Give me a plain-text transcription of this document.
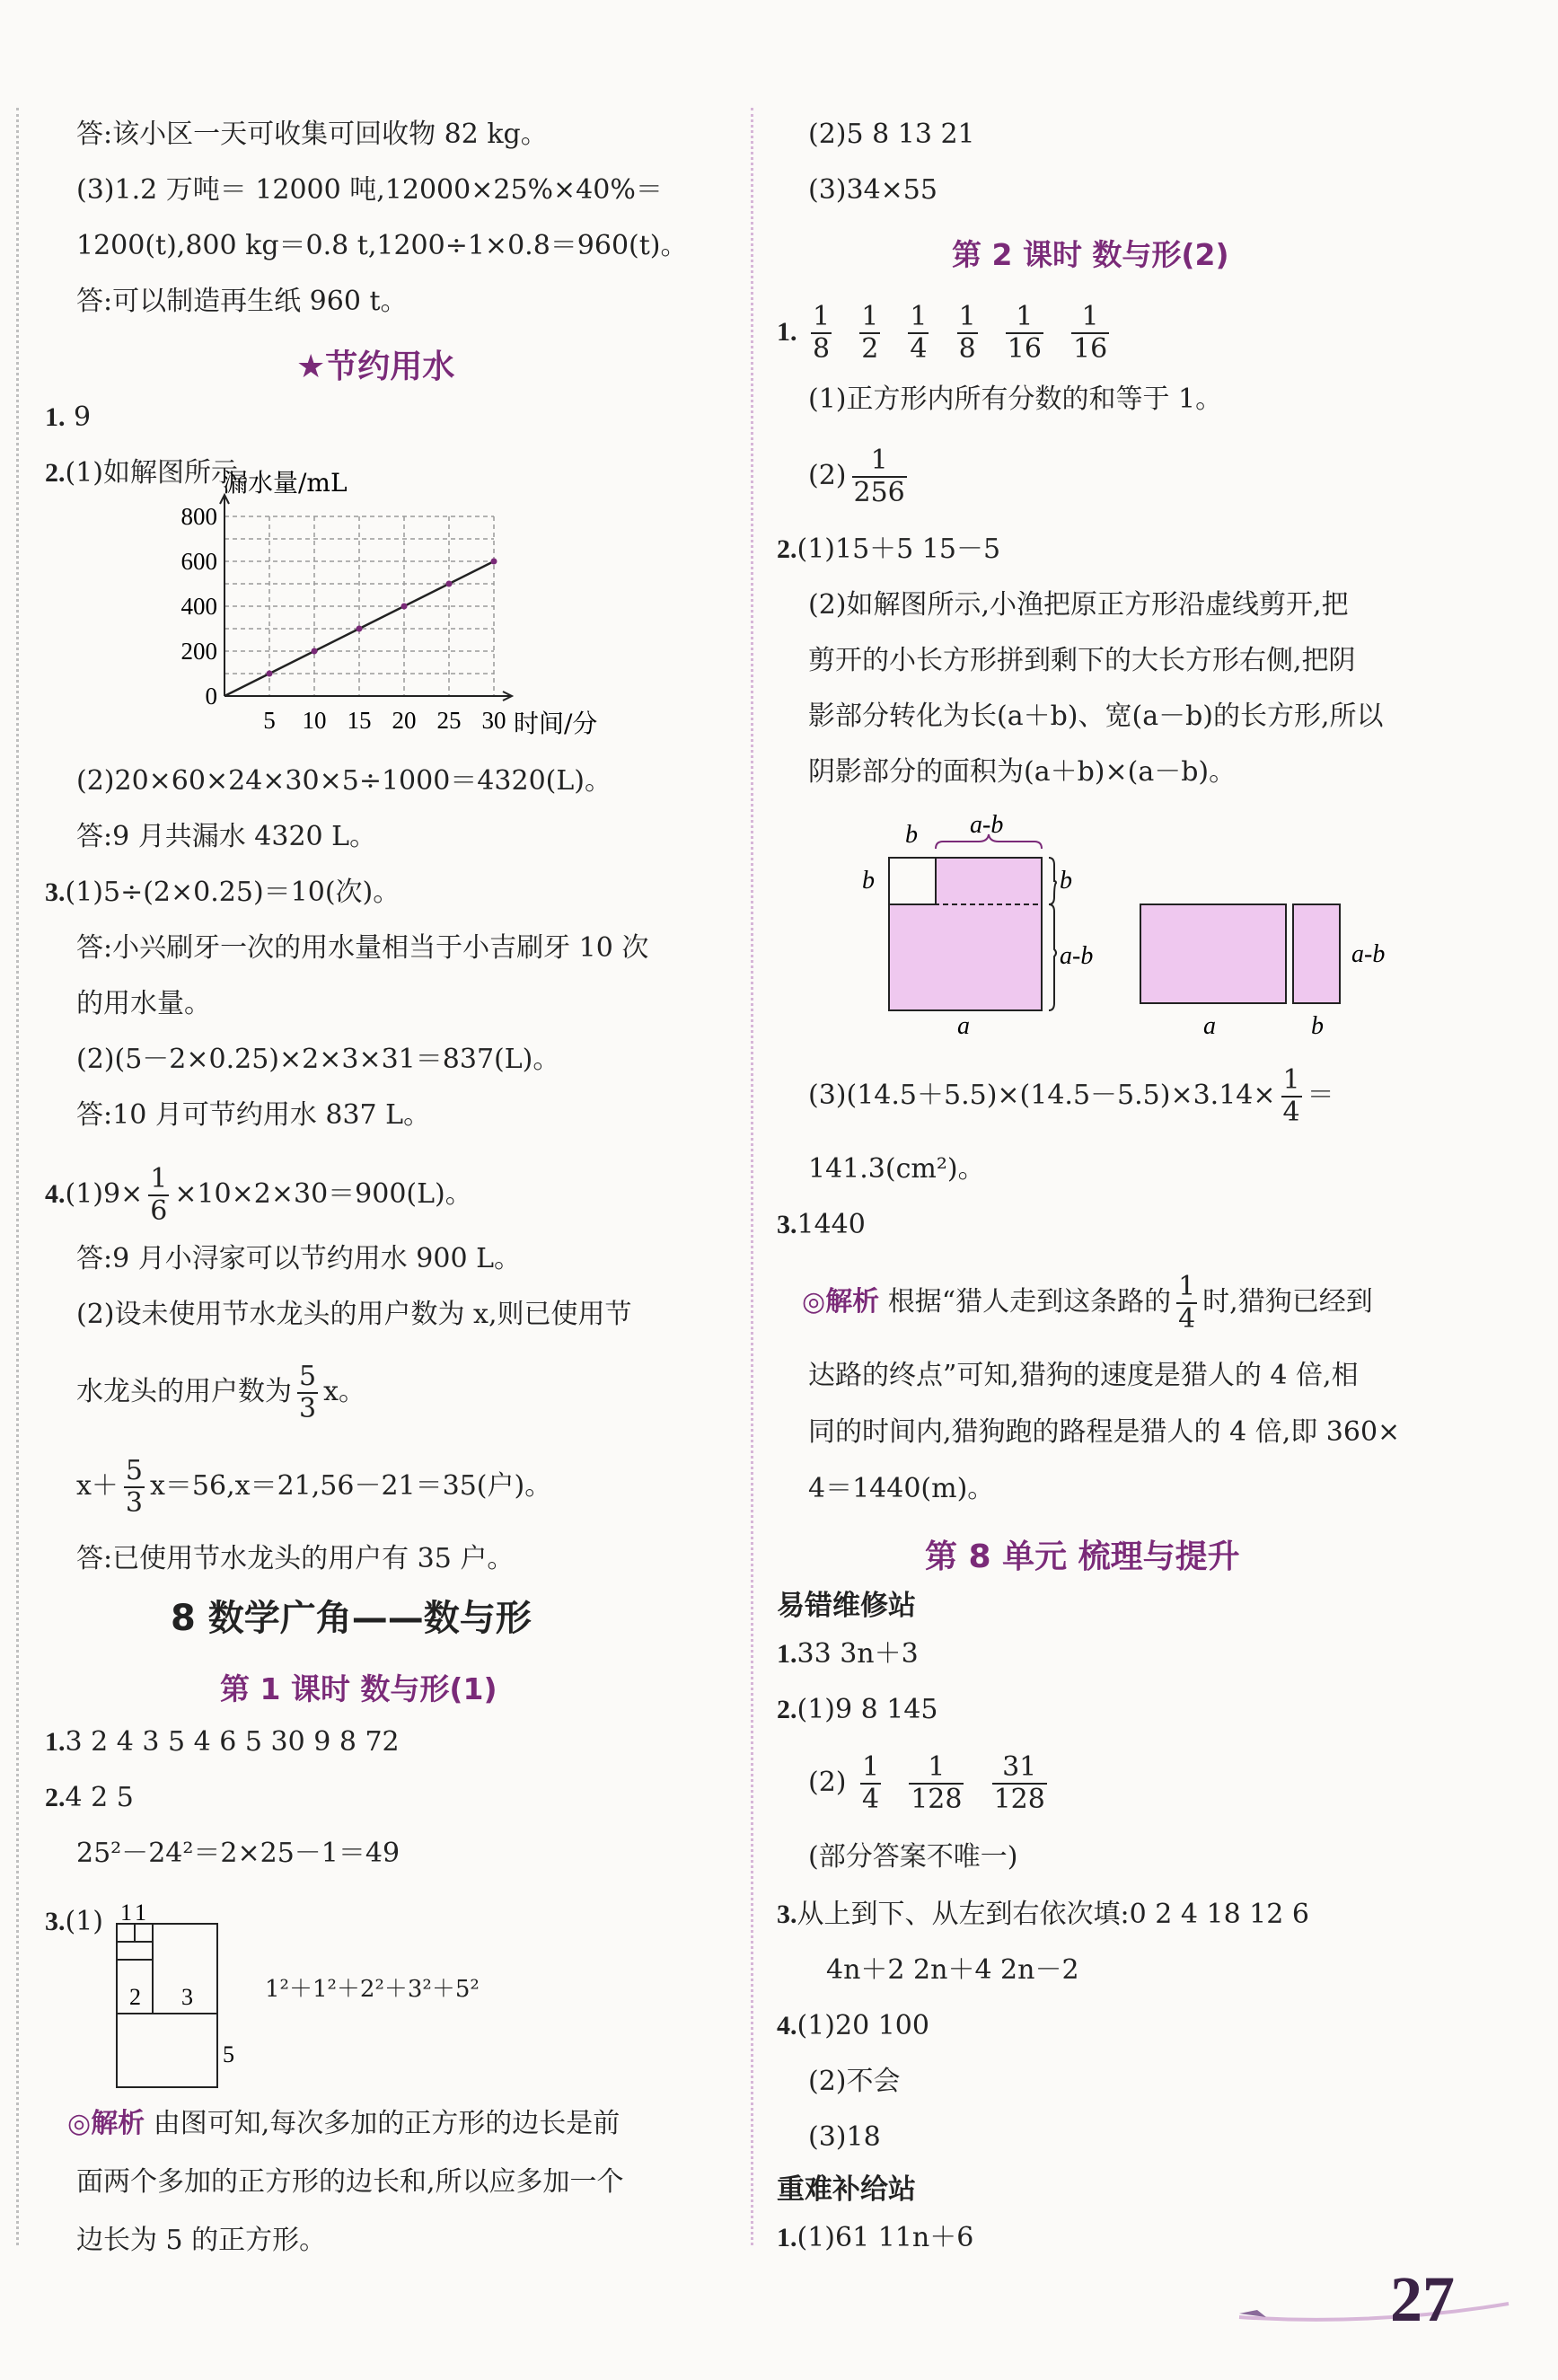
答:该小区一天可收集可回收物 82 kg。
(3)1.2 万吨＝ 12000 吨,12000×25%×40%＝
1200(t),800 kg＝0.8 t,1200÷1×0.8＝960(t)。
答:可以制造再生纸 960 t。
★节约用水
1. 9
2.(1)如解图所示。
0
200
400
600
800
5 10 15 20 25 30
漏水量/mL
时间/分
(2)20×60×24×30×5÷1000＝4320(L)。
答:9 月共漏水 4320 L。
3.(1)5÷(2×0.25)＝10(次)。
答:小兴刷牙一次的用水量相当于小吉刷牙 10 次
的用水量。
(2)(5－2×0.25)×2×3×31＝837(L)。
答:10 月可节约用水 837 L。
$4.(1)9\times \frac{1}{6} \times 10\times 2\times 30=900(L)$。
答:9 月小浔家可以节约用水 900 L。
(2)设未使用节水龙头的用户数为 x,则已使用节
水龙头的用户数为 $\frac{5}{3}$ x。
$x+ \frac{5}{3} x=56,x=21,56-21=35$(户)。
答:已使用节水龙头的用户有 35 户。
8 数学广角——数与形
第 1 课时 数与形(1)
1.3 2 4 3 5 4 6 5 30 9 8 72
2.4 2 5
25²－24²＝2×25－1＝49
3.(1) 1 1
2 3
5
1²＋1²＋2²＋3²＋5²
◎解析 由图可知,每次多加的正方形的边长是前
面两个多加的正方形的边长和,所以应多加一个
边长为 5 的正方形。
(2)5 8 13 21
(3)34×55
第 2 课时 数与形(2)
1. $\frac{1}{8}$
$\frac{1}{2}$
$\frac{1}{4}$
$\frac{1}{8}$
$\frac{1}{16}$
$\frac{1}{16}$
(1)正方形内所有分数的和等于 1。
$(2) \frac{1}{256}$
2.(1)15＋5 15－5
(2)如解图所示,小渔把原正方形沿虚线剪开,把
剪开的小长方形拼到剩下的大长方形右侧,把阴
影部分转化为长(a＋b)、宽(a－b)的长方形,所以
阴影部分的面积为(a＋b)×(a－b)。
b a-b
b	b
a-b
a
a-b
a	b
$(3)(14.5+5.5)\times(14.5-5.5)\times 3.14\times \frac{1}{4}$ ＝
141.3(cm²)。
3.1440
◎解析 根据“猎人走到这条路的 $\frac{1}{4}$ 时,猎狗已经到
达路的终点”可知,猎狗的速度是猎人的 4 倍,相
同的时间内,猎狗跑的路程是猎人的 4 倍,即 360×
4＝1440(m)。
第 8 单元 梳理与提升
易错维修站
1.33 3n＋3
2.(1)9 8 145
$(2) \frac{1}{4}$
$\frac{1}{128}$
$\frac{31}{128}$
(部分答案不唯一)
3.从上到下、从左到右依次填:0 2 4 18 12 6
4n＋2 2n＋4 2n－2
4.(1)20 100
(2)不会
(3)18
重难补给站
1.(1)61 11n＋6
27
